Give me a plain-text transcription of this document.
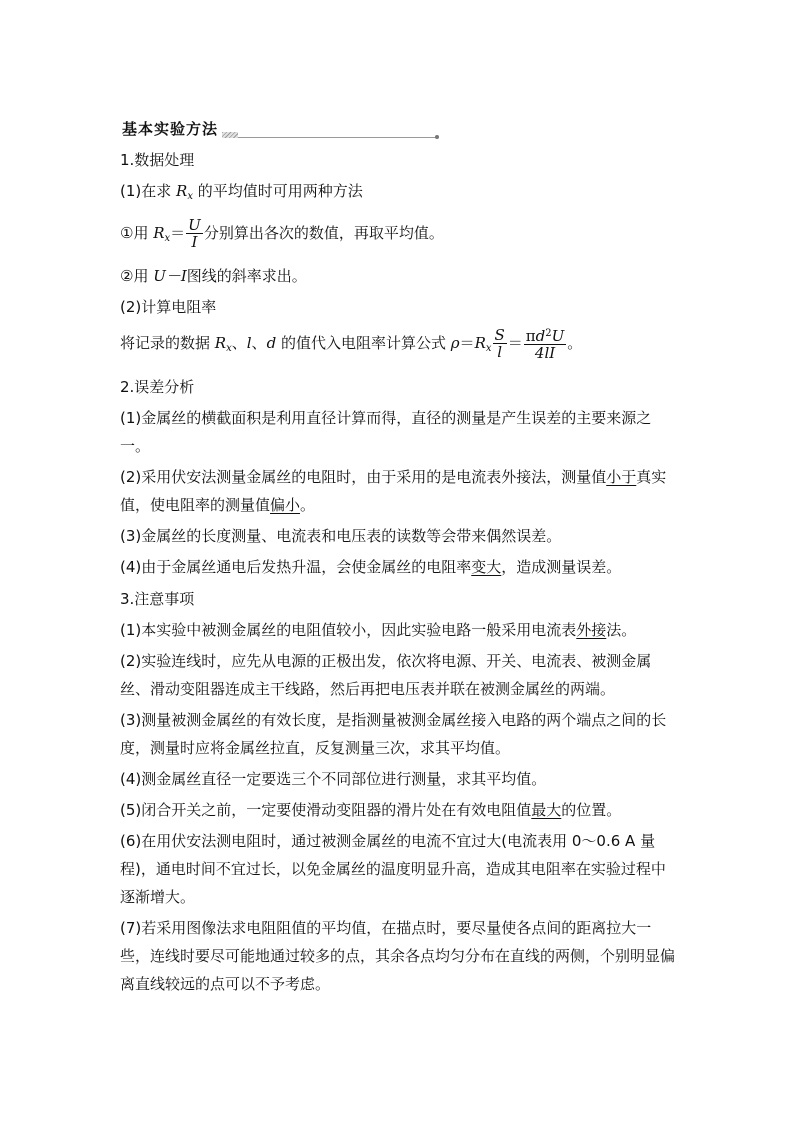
基本实验方法

1.数据处理

(1)在求 $R_x$ 的平均值时可用两种方法

①用 $R_x= \frac{U}{I}$ 分别算出各次的数值，再取平均值。

②用 U－I图线的斜率求出。

(2)计算电阻率

将记录的数据 $R_x$、l、d 的值代入电阻率计算公式 $\rho=R_x \frac{S}{l} = \frac{\pi d^2U}{4lI}$ 。

2.误差分析

(1)金属丝的横截面积是利用直径计算而得，直径的测量是产生误差的主要来源之一。

(2)采用伏安法测量金属丝的电阻时，由于采用的是电流表外接法，测量值小于真实值，使电阻率的测量值偏小。

(3)金属丝的长度测量、电流表和电压表的读数等会带来偶然误差。

(4)由于金属丝通电后发热升温，会使金属丝的电阻率变大，造成测量误差。

3.注意事项

(1)本实验中被测金属丝的电阻值较小，因此实验电路一般采用电流表外接法。

(2)实验连线时，应先从电源的正极出发，依次将电源、开关、电流表、被测金属丝、滑动变阻器连成主干线路，然后再把电压表并联在被测金属丝的两端。

(3)测量被测金属丝的有效长度，是指测量被测金属丝接入电路的两个端点之间的长度，测量时应将金属丝拉直，反复测量三次，求其平均值。

(4)测金属丝直径一定要选三个不同部位进行测量，求其平均值。

(5)闭合开关之前，一定要使滑动变阻器的滑片处在有效电阻值最大的位置。

(6)在用伏安法测电阻时，通过被测金属丝的电流不宜过大(电流表用 0～0.6 A 量程)，通电时间不宜过长，以免金属丝的温度明显升高，造成其电阻率在实验过程中逐渐增大。

(7)若采用图像法求电阻阻值的平均值，在描点时，要尽量使各点间的距离拉大一些，连线时要尽可能地通过较多的点，其余各点均匀分布在直线的两侧，个别明显偏离直线较远的点可以不予考虑。
